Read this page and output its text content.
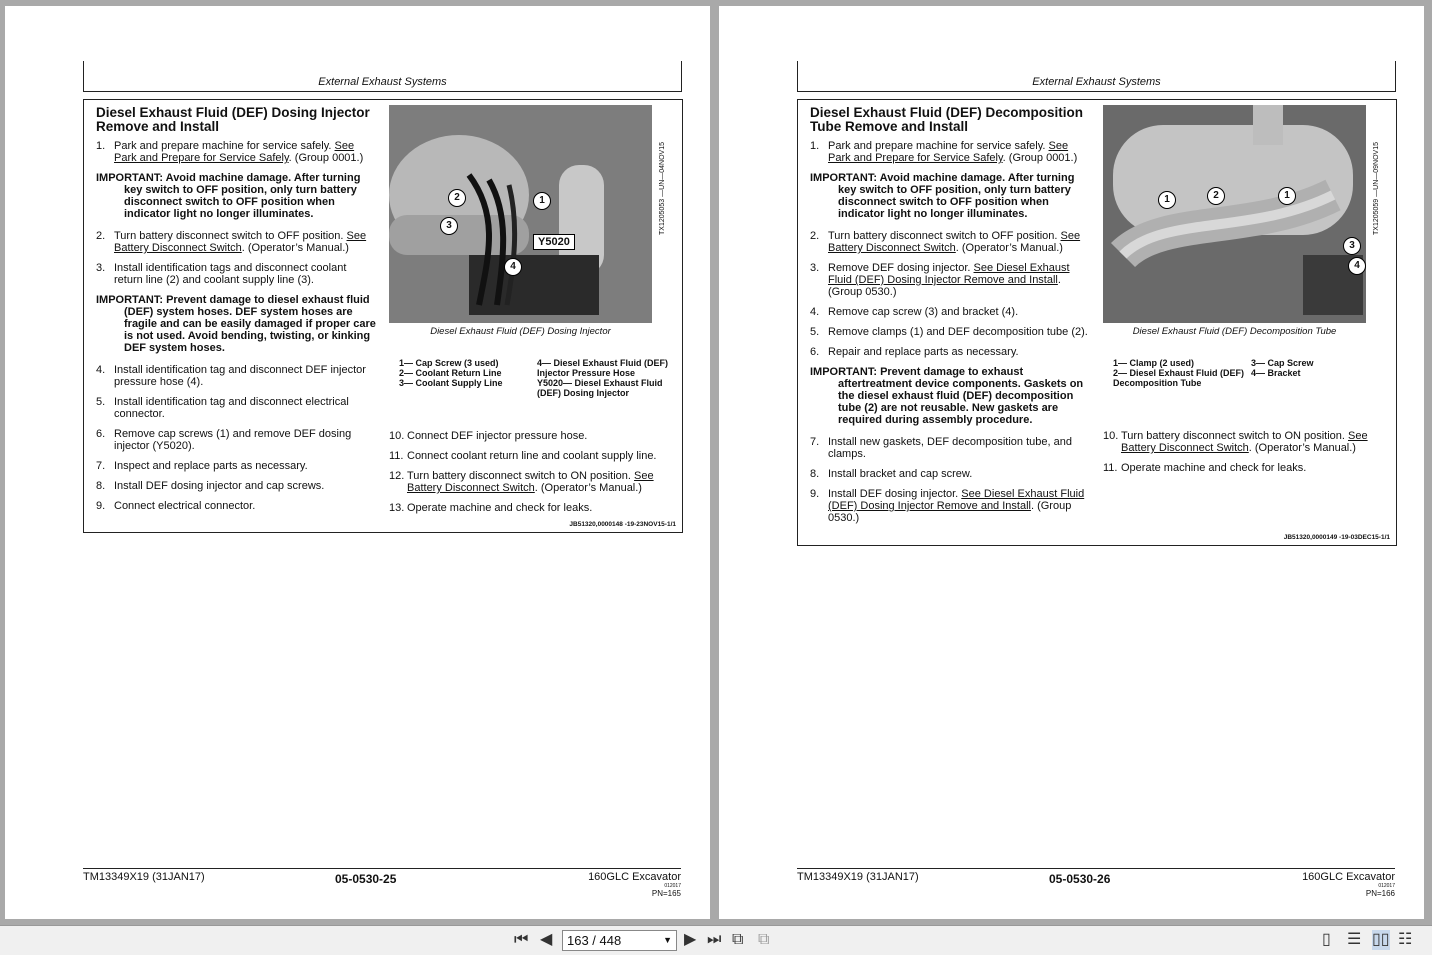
External Exhaust Systems
Diesel Exhaust Fluid (DEF) Dosing Injector Remove and Install
1. Park and prepare machine for service safely. See Park and Prepare for Service Safely. (Group 0001.)
IMPORTANT: Avoid machine damage. After turning key switch to OFF position, only turn battery disconnect switch to OFF position when indicator light no longer illuminates.
2. Turn battery disconnect switch to OFF position. See Battery Disconnect Switch. (Operator’s Manual.)
3. Install identification tags and disconnect coolant return line (2) and coolant supply line (3).
IMPORTANT: Prevent damage to diesel exhaust fluid (DEF) system hoses. DEF system hoses are fragile and can be easily damaged if proper care is not used. Avoid bending, twisting, or kinking DEF system hoses.
4. Install identification tag and disconnect DEF injector pressure hose (4).
5. Install identification tag and disconnect electrical connector.
6. Remove cap screws (1) and remove DEF dosing injector (Y5020).
7. Inspect and replace parts as necessary.
8. Install DEF dosing injector and cap screws.
9. Connect electrical connector.
2	1
3
4
Y5020
TX1205053 —UN—04NOV15
Diesel Exhaust Fluid (DEF) Dosing Injector
1— Cap Screw (3 used)
2— Coolant Return Line
3— Coolant Supply Line
4— Diesel Exhaust Fluid (DEF) Injector Pressure Hose
Y5020— Diesel Exhaust Fluid (DEF) Dosing Injector
10. Connect DEF injector pressure hose.
11. Connect coolant return line and coolant supply line.
12. Turn battery disconnect switch to ON position. See Battery Disconnect Switch. (Operator’s Manual.)
13. Operate machine and check for leaks.
JB51320,0000148 -19-23NOV15-1/1
TM13349X19 (31JAN17)	05-0530-25	160GLC Excavator
012017
PN=165
External Exhaust Systems
Diesel Exhaust Fluid (DEF) Decomposition Tube Remove and Install
1. Park and prepare machine for service safely. See Park and Prepare for Service Safely. (Group 0001.)
IMPORTANT: Avoid machine damage. After turning key switch to OFF position, only turn battery disconnect switch to OFF position when indicator light no longer illuminates.
2. Turn battery disconnect switch to OFF position. See Battery Disconnect Switch. (Operator’s Manual.)
3. Remove DEF dosing injector. See Diesel Exhaust Fluid (DEF) Dosing Injector Remove and Install. (Group 0530.)
4. Remove cap screw (3) and bracket (4).
5. Remove clamps (1) and DEF decomposition tube (2).
6. Repair and replace parts as necessary.
IMPORTANT: Prevent damage to exhaust aftertreatment device components. Gaskets on the diesel exhaust fluid (DEF) decomposition tube (2) are not reusable. New gaskets are required during assembly procedure.
7. Install new gaskets, DEF decomposition tube, and clamps.
8. Install bracket and cap screw.
9. Install DEF dosing injector. See Diesel Exhaust Fluid (DEF) Dosing Injector Remove and Install. (Group 0530.)
1	2	1
3
4
TX1205059 —UN—09NOV15
Diesel Exhaust Fluid (DEF) Decomposition Tube
1— Clamp (2 used)
2— Diesel Exhaust Fluid (DEF) Decomposition Tube
3— Cap Screw
4— Bracket
10. Turn battery disconnect switch to ON position. See Battery Disconnect Switch. (Operator’s Manual.)
11. Operate machine and check for leaks.
JB51320,0000149 -19-03DEC15-1/1
TM13349X19 (31JAN17)	05-0530-26	160GLC Excavator
012017
PN=166
⏮ ◀	163 / 448	▼ ▶ ⏭ ⧉ ⧉	▯ ☰ ▯▯ ☷
